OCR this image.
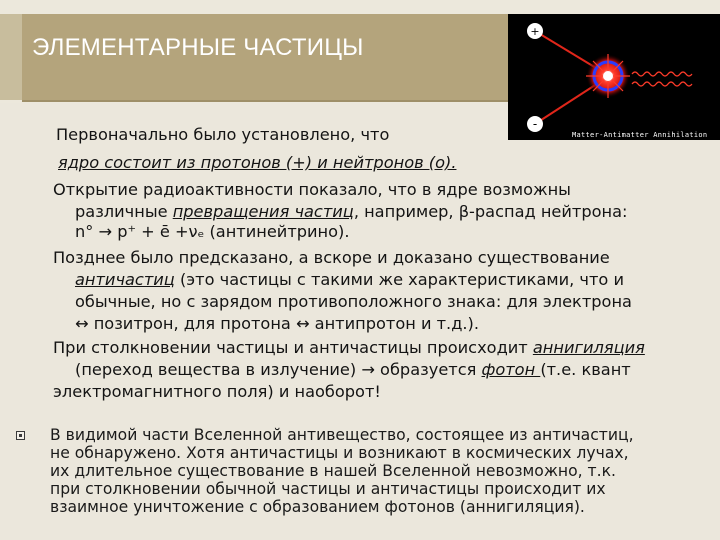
ЭЛЕМЕНТАРНЫЕ ЧАСТИЦЫ
+
-
Matter-Antimatter Annihilation
Первоначально было установлено, что
ядро состоит из протонов (+) и нейтронов (о).
Открытие радиоактивности показало, что в ядре возможны
различные превращения частиц, например, β-распад нейтрона:
n° → p⁺ + ē +νₑ (антинейтрино).
Позднее было предсказано, а вскоре и доказано существование
античастиц (это частицы с такими же характеристиками, что и
обычные, но с зарядом противоположного знака: для электрона
↔ позитрон, для протона ↔ антипротон и т.д.).
При столкновении частицы и античастицы происходит аннигиляция
(переход вещества в излучение) → образуется фотон (т.е. квант
электромагнитного поля) и наоборот!
В видимой части Вселенной антивещество, состоящее из античастиц,
не обнаружено. Хотя античастицы и возникают в космических лучах,
их длительное существование в нашей Вселенной невозможно, т.к.
при столкновении обычной частицы и античастицы происходит их
взаимное уничтожение с образованием фотонов (аннигиляция).
